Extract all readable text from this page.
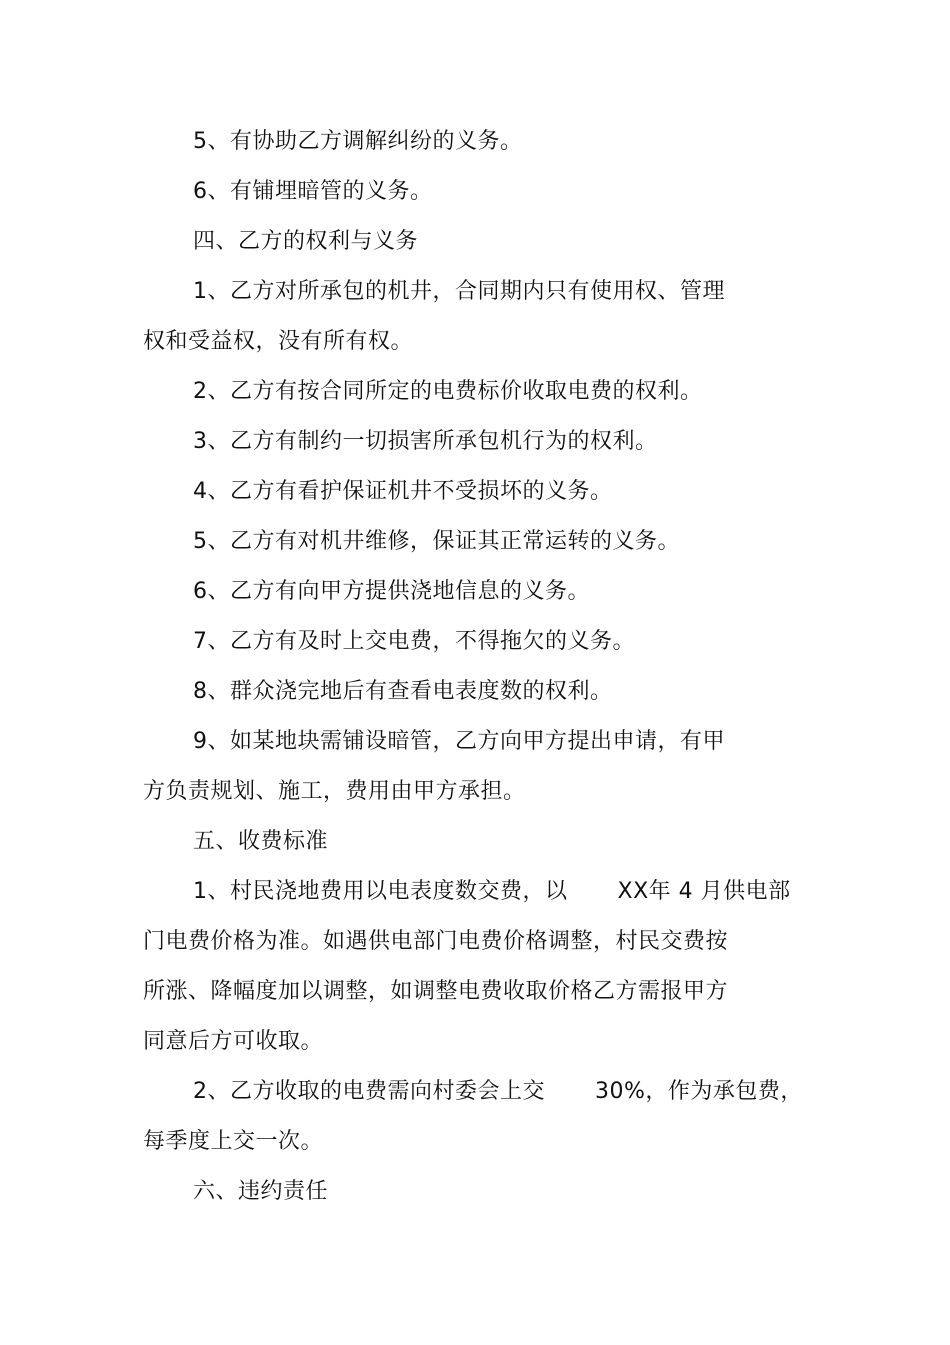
5、有协助乙方调解纠纷的义务。
6、有铺埋暗管的义务。
四、乙方的权利与义务
1、乙方对所承包的机井，合同期内只有使用权、管理
权和受益权，没有所有权。
2、乙方有按合同所定的电费标价收取电费的权利。
3、乙方有制约一切损害所承包机行为的权利。
4、乙方有看护保证机井不受损坏的义务。
5、乙方有对机井维修，保证其正常运转的义务。
6、乙方有向甲方提供浇地信息的义务。
7、乙方有及时上交电费，不得拖欠的义务。
8、群众浇完地后有查看电表度数的权利。
9、如某地块需铺设暗管，乙方向甲方提出申请，有甲
方负责规划、施工，费用由甲方承担。
五、收费标准
1、村民浇地费用以电表度数交费，以 XX年 4 月供电部
门电费价格为准。如遇供电部门电费价格调整，村民交费按
所涨、降幅度加以调整，如调整电费收取价格乙方需报甲方
同意后方可收取。
2、乙方收取的电费需向村委会上交 30%，作为承包费，
每季度上交一次。
六、违约责任
